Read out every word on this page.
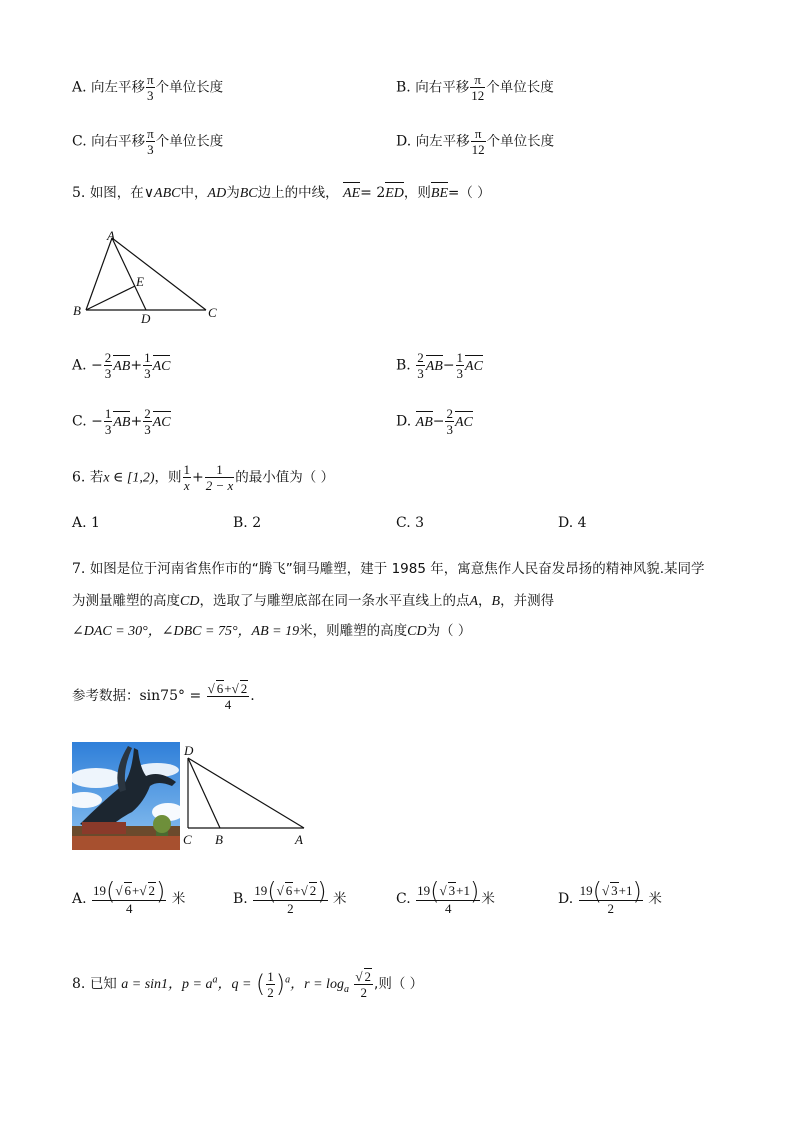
A. 向左平移 $\frac{\pi}{3}$ 个单位长度	B. 向右平移 $\frac{\pi}{12}$ 个单位长度
C. 向右平移 $\frac{\pi}{3}$ 个单位长度	D. 向左平移 $\frac{\pi}{12}$ 个单位长度
5. 如图，在∨ABC中，AD为BC边上的中线， AE= 2ED，则BE=（ ）
A
B	C
D
E
A. − $\frac{2}{3} AB+ \frac{1}{3}$ AC	B. $\frac{2}{3} AB- \frac{1}{3}$ AC
C. − $\frac{1}{3} AB+ \frac{2}{3}$ AC	D. $AB- \frac{2}{3}$ AC
6. 若x ∈ [1,2)，则 $\frac{1}{x} + \frac{1}{2 - x}$ 的最小值为（ ）
A. 1	B. 2	C. 3	D. 4
7. 如图是位于河南省焦作市的“腾飞”铜马雕塑，建于 1985 年，寓意焦作人民奋发昂扬的精神风貌.某同学
为测量雕塑的高度CD，选取了与雕塑底部在同一条水平直线上的点A，B，并测得
∠DAC = 30°，∠DBC = 75°，AB = 19米，则雕塑的高度CD为（ ）
参考数据：$\sin 75^\circ = \frac{√ 6+√ 2}{4}$ .
D
C B	A
A. $\frac{19(√ 6+√ 2)}{4}$ 米	B. $\frac{19(√ 6+√ 2)}{2}$ 米	C. $\frac{19(√ 3+1)}{4}$ 米	D. $\frac{19(√ 3+1)}{2}$ 米
8. 已知 a = sin1，$p = a^a$，q = ( $\frac{1}{2} )^a$，$r = \log_a \frac{√ 2}{2}$ ,则（ ）
